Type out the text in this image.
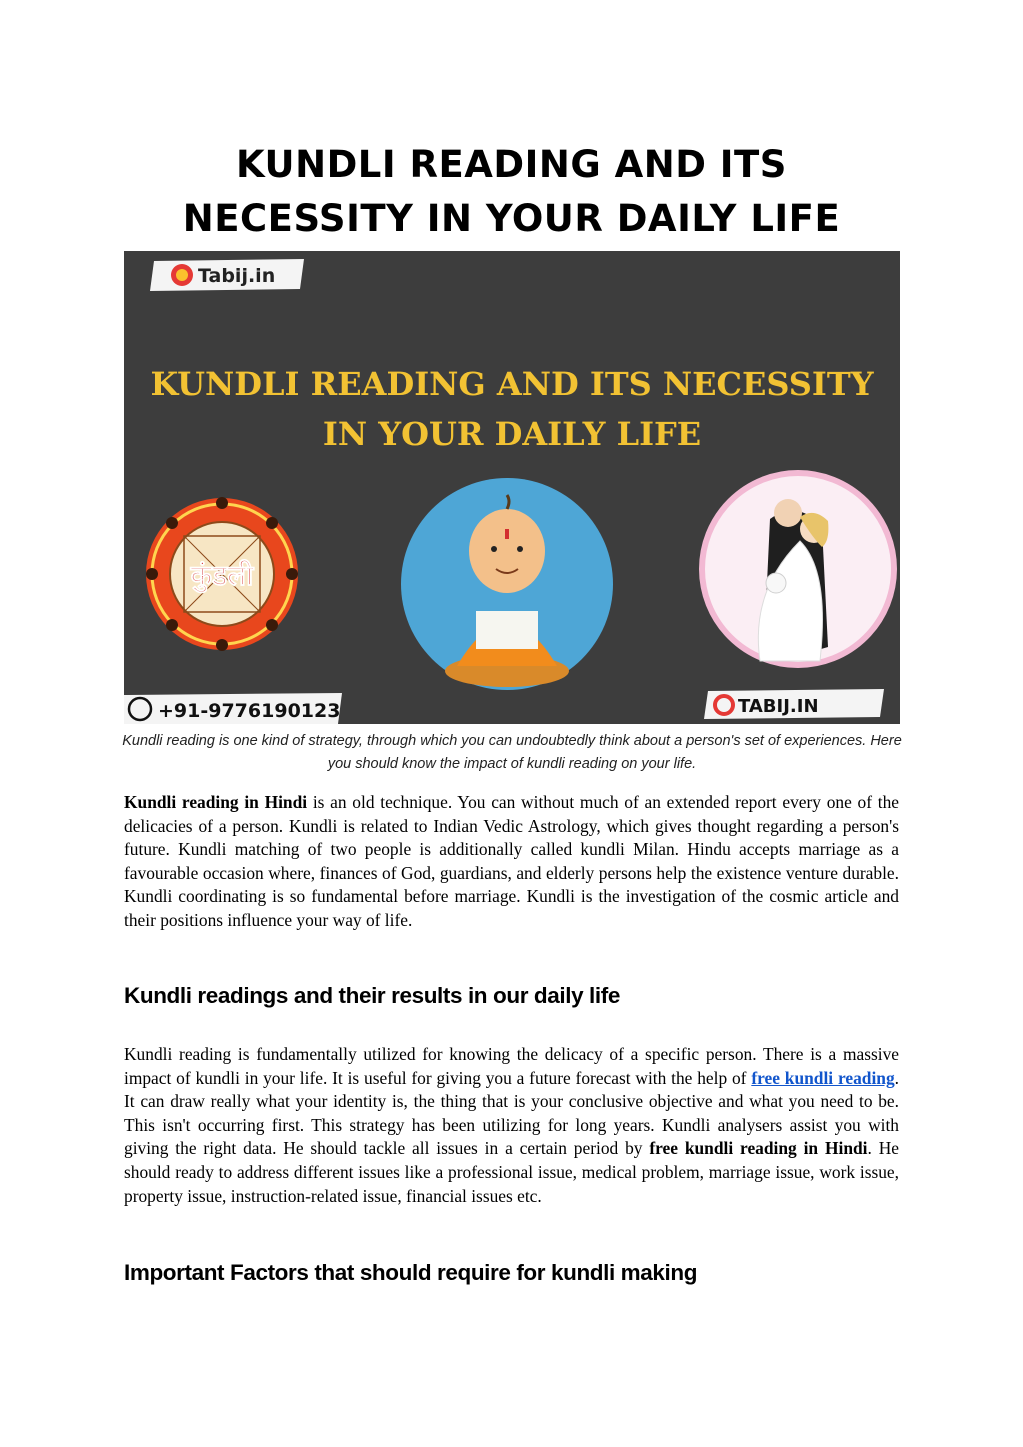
KUNDLI READING AND ITS
NECESSITY IN YOUR DAILY LIFE
Tabij.in
KUNDLI READING AND ITS NECESSITY
IN YOUR DAILY LIFE
कुंडली
+91-9776190123	TABIJ.IN
Kundli reading is one kind of strategy, through which you can undoubtedly think about a person's set of experiences. Here you should know the impact of kundli reading on your life.

Kundli reading in Hindi is an old technique. You can without much of an extended report every one of the delicacies of a person. Kundli is related to Indian Vedic Astrology, which gives thought regarding a person's future. Kundli matching of two people is additionally called kundli Milan. Hindu accepts marriage as a favourable occasion where, finances of God, guardians, and elderly persons help the existence venture durable. Kundli coordinating is so fundamental before marriage. Kundli is the investigation of the cosmic article and their positions influence your way of life.

Kundli readings and their results in our daily life

Kundli reading is fundamentally utilized for knowing the delicacy of a specific person. There is a massive impact of kundli in your life. It is useful for giving you a future forecast with the help of free kundli reading. It can draw really what your identity is, the thing that is your conclusive objective and what you need to be. This isn't occurring first. This strategy has been utilizing for long years. Kundli analysers assist you with giving the right data. He should tackle all issues in a certain period by free kundli reading in Hindi. He should ready to address different issues like a professional issue, medical problem, marriage issue, work issue, property issue, instruction-related issue, financial issues etc.

Important Factors that should require for kundli making
